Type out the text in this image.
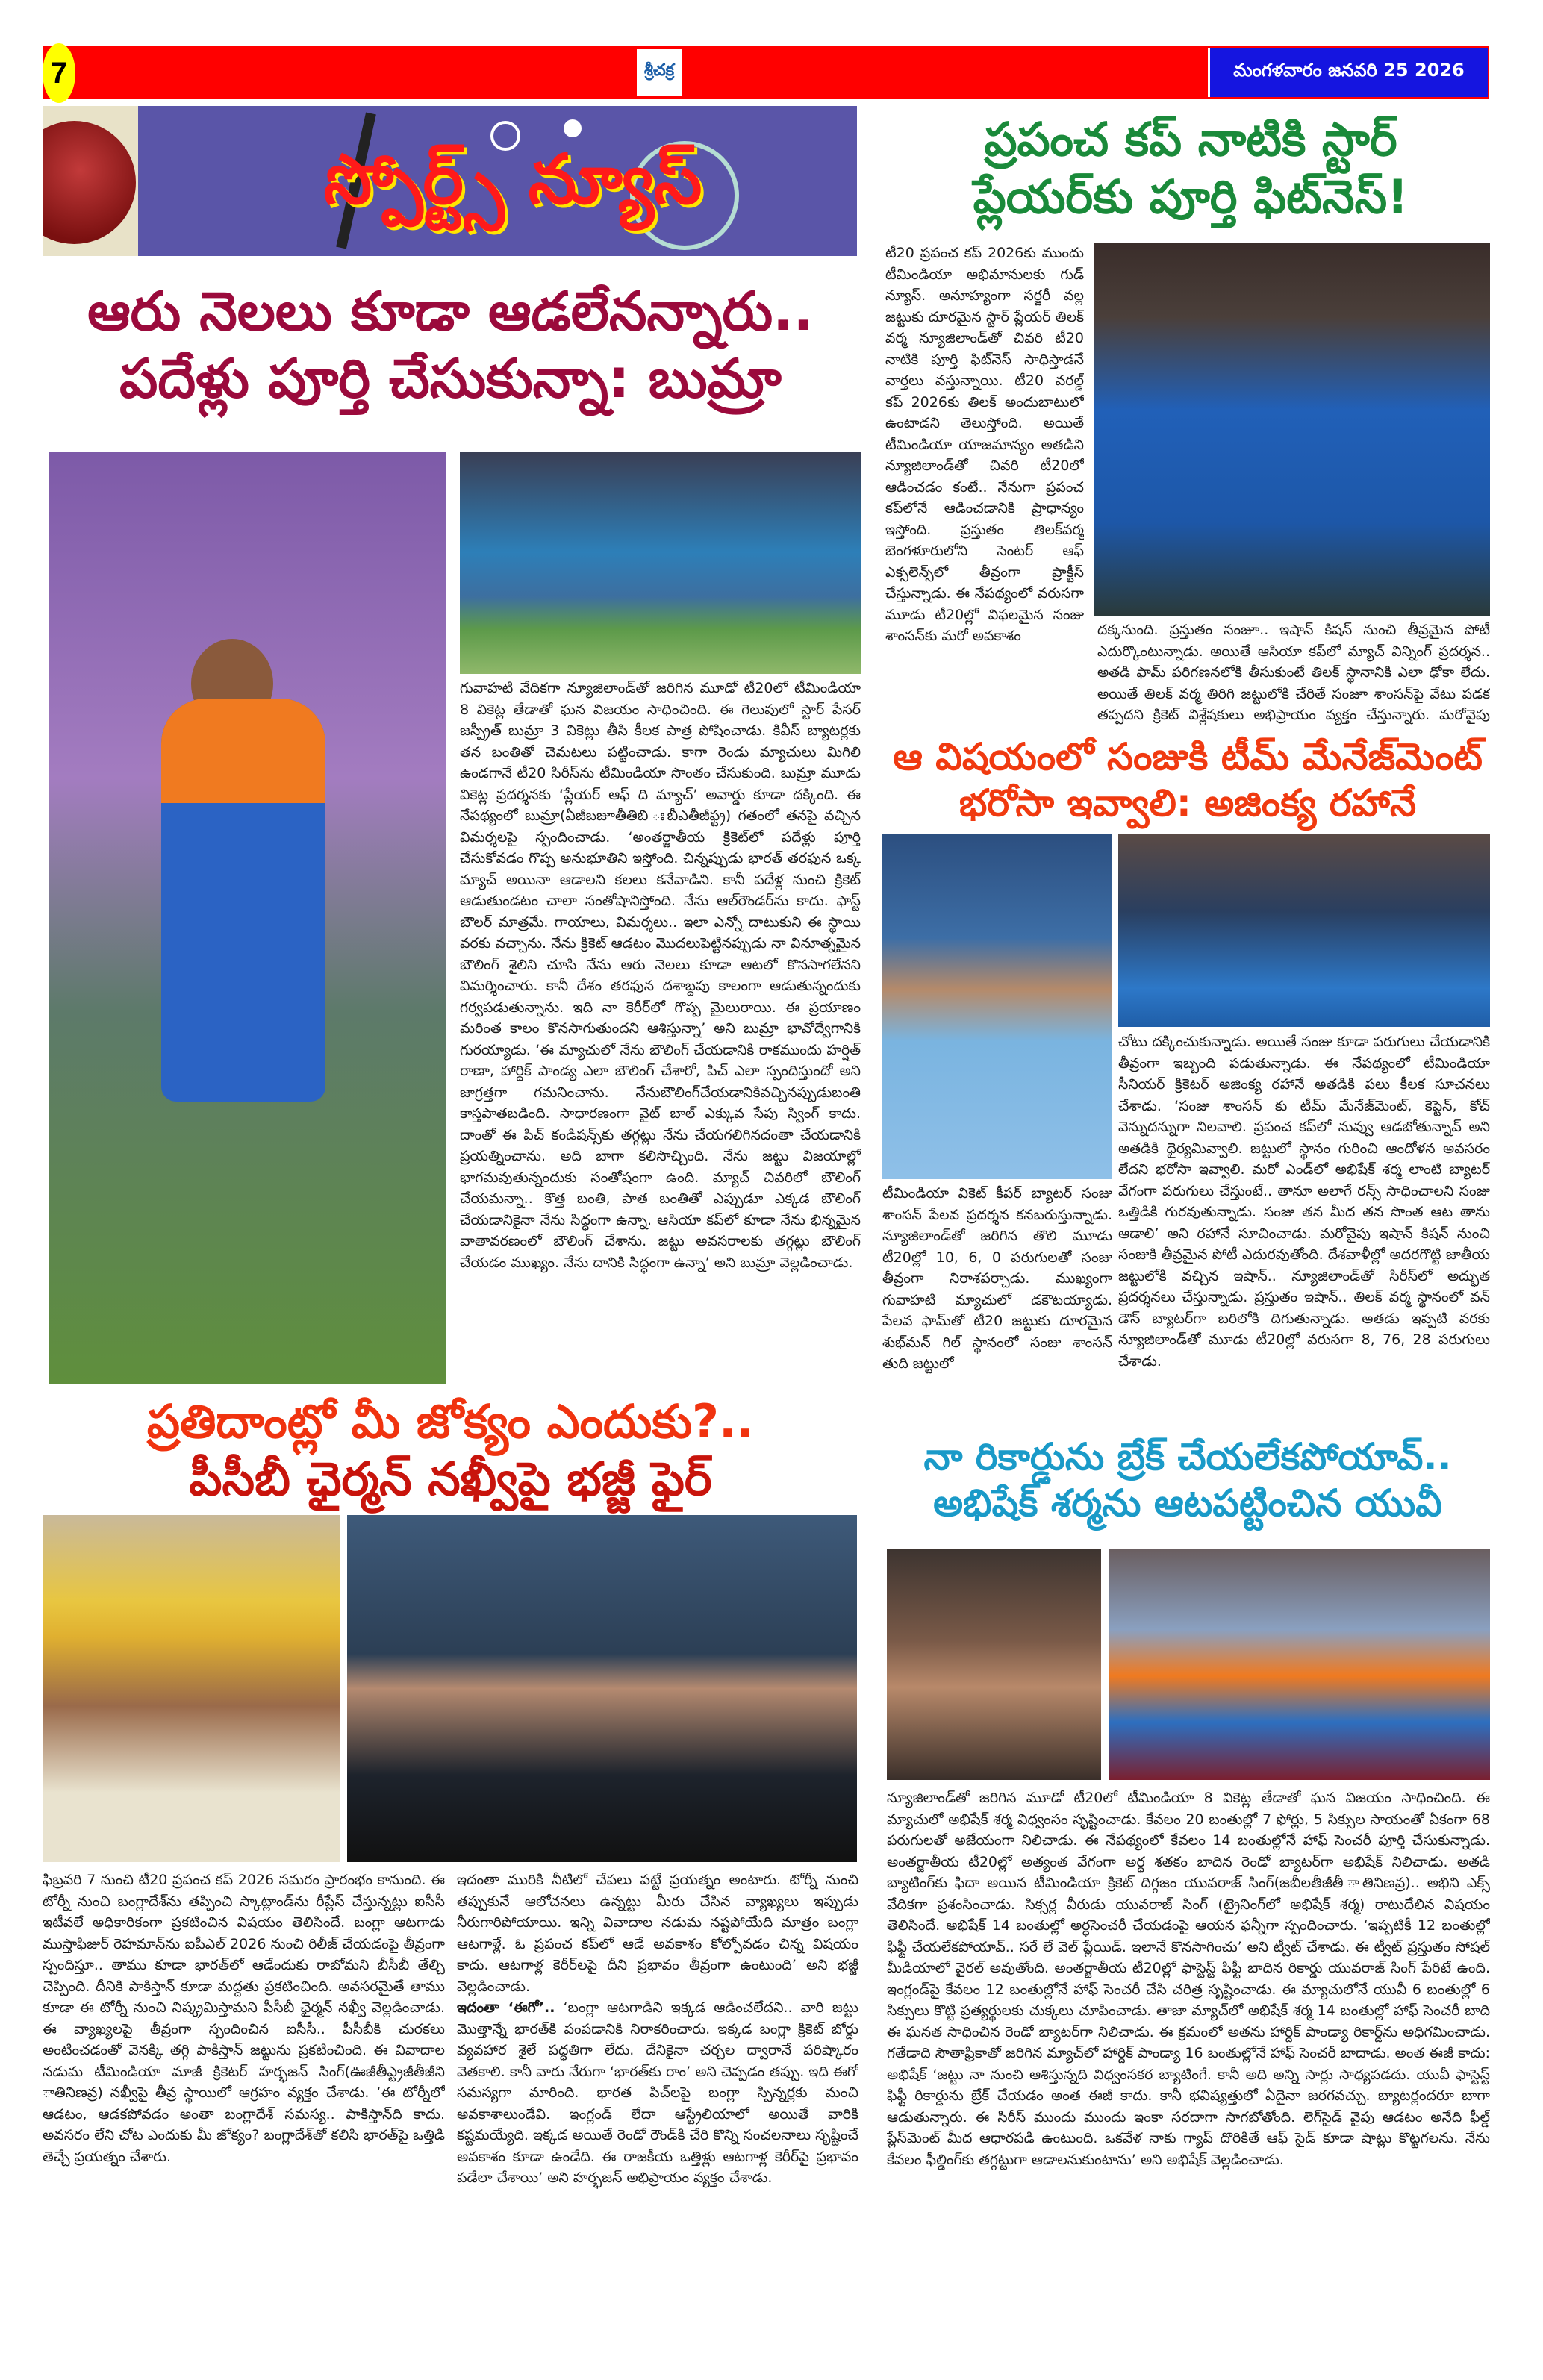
7	శ్రీచక్ర	మంగళవారం జనవరి 25 2026
స్పోర్ట్స్ న్యూస్
ఆరు నెలలు కూడా ఆడలేనన్నారు..
పదేళ్లు పూర్తి చేసుకున్నా: బుమ్రా

గువాహటి వేదికగా న్యూజిలాండ్‌తో జరిగిన మూడో టీ20లో టీమిండియా 8 వికెట్ల తేడాతో ఘన విజయం సాధించింది. ఈ గెలుపులో స్టార్ పేసర్ జస్ప్రీత్ బుమ్రా 3 వికెట్లు తీసి కీలక పాత్ర పోషించాడు. కివీస్ బ్యాటర్లకు తన బంతితో చెమటలు పట్టించాడు. కాగా రెండు మ్యాచులు మిగిలి ఉండగానే టీ20 సిరీస్‌ను టీమిండియా సొంతం చేసుకుంది. బుమ్రా మూడు వికెట్ల ప్రదర్శనకు ‘ప్లేయర్ ఆఫ్ ది మ్యాచ్’ అవార్డు కూడా దక్కింది. ఈ నేపథ్యంలో బుమ్రా(ఏజీబజూతీతిబి ఃబీఎతీజీఫ్ట్ర) గతంలో తనపై వచ్చిన విమర్శలపై స్పందించాడు. ‘అంతర్జాతీయ క్రికెట్‌లో పదేళ్లు పూర్తి చేసుకోవడం గొప్ప అనుభూతిని ఇస్తోంది. చిన్నప్పుడు భారత్ తరఫున ఒక్క మ్యాచ్ అయినా ఆడాలని కలలు కనేవాడిని. కానీ పదేళ్ల నుంచి క్రికెట్ ఆడుతుండటం చాలా సంతోషానిస్తోంది. నేను ఆల్‌రౌండర్‌ను కాదు. ఫాస్ట్ బౌలర్ మాత్రమే. గాయాలు, విమర్శలు.. ఇలా ఎన్నో దాటుకుని ఈ స్థాయి వరకు వచ్చాను. నేను క్రికెట్ ఆడటం మొదలుపెట్టినప్పుడు నా వినూత్నమైన బౌలింగ్ శైలిని చూసి నేను ఆరు నెలలు కూడా ఆటలో కొనసాగలేనని విమర్శించారు. కానీ దేశం తరఫున దశాబ్దపు కాలంగా ఆడుతున్నందుకు గర్వపడుతున్నాను. ఇది నా కెరీర్‌లో గొప్ప మైలురాయి. ఈ ప్రయాణం మరింత కాలం కొనసాగుతుందని ఆశిస్తున్నా’ అని బుమ్రా భావోద్వేగానికి గురయ్యాడు. ‘ఈ మ్యాచులో నేను బౌలింగ్ చేయడానికి రాకముందు హర్షిత్ రాణా, హార్దిక్ పాండ్య ఎలా బౌలింగ్ చేశారో, పిచ్ ఎలా స్పందిస్తుందో అని జాగ్రత్తగా గమనించాను. నేనుబౌలింగ్‌చేయడానికివచ్చినప్పుడుబంతి కాస్తపాతబడింది. సాధారణంగా వైట్ బాల్ ఎక్కువ సేపు స్వింగ్ కాదు. దాంతో ఈ పిచ్ కండిషన్స్‌కు తగ్గట్లు నేను చేయగలిగినదంతా చేయడానికి ప్రయత్నించాను. అది బాగా కలిసొచ్చింది. నేను జట్టు విజయాల్లో భాగమవుతున్నందుకు సంతోషంగా ఉంది. మ్యాచ్ చివరిలో బౌలింగ్ చేయమన్నా.. కొత్త బంతి, పాత బంతితో ఎప్పుడూ ఎక్కడ బౌలింగ్ చేయడానికైనా నేను సిద్ధంగా ఉన్నా. ఆసియా కప్‌లో కూడా నేను భిన్నమైన వాతావరణంలో బౌలింగ్ చేశాను. జట్టు అవసరాలకు తగ్గట్లు బౌలింగ్ చేయడం ముఖ్యం. నేను దానికి సిద్ధంగా ఉన్నా’ అని బుమ్రా వెల్లడించాడు.

ప్రతిదాంట్లో మీ జోక్యం ఎందుకు?..
పీసీబీ ఛైర్మన్ నఖ్వీపై భజ్జీ ఫైర్

ఫిబ్రవరి 7 నుంచి టీ20 ప్రపంచ కప్ 2026 సమరం ప్రారంభం కానుంది. ఈ టోర్నీ నుంచి బంగ్లాదేశ్‌ను తప్పించి స్కాట్లాండ్‌ను రీప్లేస్ చేస్తున్నట్లు ఐసీసీ ఇటీవలే అధికారికంగా ప్రకటించిన విషయం తెలిసిందే. బంగ్లా ఆటగాడు ముస్తాఫిజుర్ రెహమాన్‌ను ఐపీఎల్ 2026 నుంచి రిలీజ్ చేయడంపై తీవ్రంగా స్పందిస్తూ.. తాము కూడా భారత్‌లో ఆడేందుకు రాబోమని బీసీబీ తేల్చి చెప్పింది. దీనికి పాకిస్తాన్ కూడా మద్దతు ప్రకటించింది. అవసరమైతే తాము కూడా ఈ టోర్నీ నుంచి నిష్క్రమిస్తామని పీసీబీ ఛైర్మన్ నఖ్వీ వెల్లడించాడు. ఈ వ్యాఖ్యలపై తీవ్రంగా స్పందించిన ఐసీసీ.. పీసీబీకి చురకలు అంటించడంతో వెనక్కి తగ్గి పాకిస్తాన్ జట్టును ప్రకటించింది. ఈ వివాదాల నడుమ టీమిండియా మాజీ క్రికెటర్ హర్భజన్ సింగ్(ఊజీతీఎ్ట్రజీతీజీని ాతినిణవ్ర) నఖ్వీపై తీవ్ర స్థాయిలో ఆగ్రహం వ్యక్తం చేశాడు. ‘ఈ టోర్నీలో ఆడటం, ఆడకపోవడం అంతా బంగ్లాదేశ్ సమస్య.. పాకిస్తాన్‌ది కాదు. అవసరం లేని చోట ఎందుకు మీ జోక్యం? బంగ్లాదేశ్‌తో కలిసి భారత్‌పై ఒత్తిడి తెచ్చే ప్రయత్నం చేశారు.

ఇదంతా మురికి నీటిలో చేపలు పట్టే ప్రయత్నం అంటారు. టోర్నీ నుంచి తప్పుకునే ఆలోచనలు ఉన్నట్టు మీరు చేసిన వ్యాఖ్యలు ఇప్పుడు నీరుగారిపోయాయి. ఇన్ని వివాదాల నడుమ నష్టపోయేది మాత్రం బంగ్లా ఆటగాళ్లే. ఓ ప్రపంచ కప్‌లో ఆడే అవకాశం కోల్పోవడం చిన్న విషయం కాదు. ఆటగాళ్ల కెరీర్‌లపై దీని ప్రభావం తీవ్రంగా ఉంటుంది’ అని భజ్జీ వెల్లడించాడు.

ఇదంతా ‘ఈగో’.. ‘బంగ్లా ఆటగాడిని ఇక్కడ ఆడించలేదని.. వారి జట్టు మొత్తాన్నే భారత్‌కి పంపడానికి నిరాకరించారు. ఇక్కడ బంగ్లా క్రికెట్ బోర్డు వ్యవహార శైలే పద్ధతిగా లేదు. దేనికైనా చర్చల ద్వారానే పరిష్కారం వెతకాలి. కానీ వారు నేరుగా ‘భారత్‌కు రాం’ అని చెప్పడం తప్పు. ఇది ఈగో సమస్యగా మారింది. భారత పిచ్‌లపై బంగ్లా స్పిన్నర్లకు మంచి అవకాశాలుండేవి. ఇంగ్లండ్ లేదా ఆస్ట్రేలియాలో అయితే వారికి కష్టమయ్యేది. ఇక్కడ అయితే రెండో రౌండ్‌కి చేరి కొన్ని సంచలనాలు సృష్టించే అవకాశం కూడా ఉండేది. ఈ రాజకీయ ఒత్తిళ్లు ఆటగాళ్ల కెరీర్‌పై ప్రభావం పడేలా చేశాయి’ అని హర్భజన్ అభిప్రాయం వ్యక్తం చేశాడు.

ప్రపంచ కప్ నాటికి స్టార్
ప్లేయర్‌కు పూర్తి ఫిట్‌నెస్!

టీ20 ప్రపంచ కప్ 2026కు ముందు టీమిండియా అభిమానులకు గుడ్ న్యూస్. అనూహ్యంగా సర్జరీ వల్ల జట్టుకు దూరమైన స్టార్ ప్లేయర్ తిలక్ వర్మ న్యూజిలాండ్‌తో చివరి టీ20 నాటికి పూర్తి ఫిట్‌నెస్ సాధిస్తాడనే వార్తలు వస్తున్నాయి. టీ20 వరల్డ్ కప్ 2026కు తిలక్ అందుబాటులో ఉంటాడని తెలుస్తోంది. అయితే టీమిండియా యాజమాన్యం అతడిని న్యూజిలాండ్‌తో చివరి టీ20లో ఆడించడం కంటే.. నేనుగా ప్రపంచ కప్‌లోనే ఆడించడానికి ప్రాధాన్యం ఇస్తోంది. ప్రస్తుతం తిలక్‌వర్మ బెంగళూరులోని సెంటర్ ఆఫ్ ఎక్సలెన్స్‌లో తీవ్రంగా ప్రాక్టీస్ చేస్తున్నాడు. ఈ నేపథ్యంలో వరుసగా మూడు టీ20ల్లో విఫలమైన సంజు శాంసన్‌కు మరో అవకాశం	దక్కనుంది. ప్రస్తుతం సంజూ.. ఇషాన్ కిషన్ నుంచి తీవ్రమైన పోటీ ఎదుర్కొంటున్నాడు. అయితే ఆసియా కప్‌లో మ్యాచ్ విన్నింగ్ ప్రదర్శన.. అతడి ఫామ్ పరిగణనలోకి తీసుకుంటే తిలక్ స్థానానికి ఎలా ఢోకా లేదు. అయితే తిలక్ వర్మ తిరిగి జట్టులోకి చేరితే సంజూ శాంసన్‌పై వేటు పడక తప్పదని క్రికెట్ విశ్లేషకులు అభిప్రాయం వ్యక్తం చేస్తున్నారు. మరోవైపు

ఆ విషయంలో సంజుకి టీమ్ మేనేజ్‌మెంట్
భరోసా ఇవ్వాలి: అజింక్య రహానే

టీమిండియా వికెట్ కీపర్ బ్యాటర్ సంజు శాంసన్ పేలవ ప్రదర్శన కనబరుస్తున్నాడు. న్యూజిలాండ్‌తో జరిగిన తొలి మూడు టీ20ల్లో 10, 6, 0 పరుగులతో సంజు తీవ్రంగా నిరాశపర్చాడు. ముఖ్యంగా గువాహటి మ్యాచులో డకౌటయ్యాడు. పేలవ ఫామ్‌తో టీ20 జట్టుకు దూరమైన శుభ్‌మన్ గిల్ స్థానంలో సంజు శాంసన్ తుది జట్టులో

చోటు దక్కించుకున్నాడు. అయితే సంజు కూడా పరుగులు చేయడానికి తీవ్రంగా ఇబ్బంది పడుతున్నాడు. ఈ నేపథ్యంలో టీమిండియా సీనియర్ క్రికెటర్ అజింక్య రహానే అతడికి పలు కీలక సూచనలు చేశాడు. ‘సంజు శాంసన్ కు టీమ్ మేనేజ్‌మెంట్, కెప్టెన్, కోచ్ వెన్నుదన్నుగా నిలవాలి. ప్రపంచ కప్‌లో నువ్వు ఆడబోతున్నావ్ అని అతడికి ధైర్యమివ్వాలి. జట్టులో స్థానం గురించి ఆందోళన అవసరం లేదని భరోసా ఇవ్వాలి. మరో ఎండ్‌లో అభిషేక్ శర్మ లాంటి బ్యాటర్ వేగంగా పరుగులు చేస్తుంటే.. తానూ అలాగే రన్స్ సాధించాలని సంజు ఒత్తిడికి గురవుతున్నాడు. సంజు తన మీద తన సొంత ఆట తాను ఆడాలి’ అని రహానే సూచించాడు. మరోవైపు ఇషాన్ కిషన్ నుంచి సంజుకి తీవ్రమైన పోటీ ఎదురవుతోంది. దేశవాళీల్లో అదరగొట్టి జాతీయ జట్టులోకి వచ్చిన ఇషాన్.. న్యూజిలాండ్‌తో సిరీస్‌లో అద్భుత ప్రదర్శనలు చేస్తున్నాడు. ప్రస్తుతం ఇషాన్.. తిలక్ వర్మ స్థానంలో వన్ డౌన్ బ్యాటర్‌గా బరిలోకి దిగుతున్నాడు. అతడు ఇప్పటి వరకు న్యూజిలాండ్‌తో మూడు టీ20ల్లో వరుసగా 8, 76, 28 పరుగులు చేశాడు.

నా రికార్డును బ్రేక్ చేయలేకపోయావ్..
అభిషేక్ శర్మను ఆటపట్టించిన యువీ

న్యూజిలాండ్‌తో జరిగిన మూడో టీ20లో టీమిండియా 8 వికెట్ల తేడాతో ఘన విజయం సాధించింది. ఈ మ్యాచులో అభిషేక్ శర్మ విధ్వంసం సృష్టించాడు. కేవలం 20 బంతుల్లో 7 ఫోర్లు, 5 సిక్సుల సాయంతో ఏకంగా 68 పరుగులతో అజేయంగా నిలిచాడు. ఈ నేపథ్యంలో కేవలం 14 బంతుల్లోనే హాఫ్ సెంచరీ పూర్తి చేసుకున్నాడు. అంతర్జాతీయ టీ20ల్లో అత్యంత వేగంగా అర్ధ శతకం బాదిన రెండో బ్యాటర్‌గా అభిషేక్ నిలిచాడు. అతడి బ్యాటింగ్‌కు ఫిదా అయిన టీమిండియా క్రికెట్ దిగ్గజం యువరాజ్ సింగ్(జబీలతీజీతీ ాతినిణవ్ర).. అభిని ఎక్స్ వేదికగా ప్రశంసించాడు. సిక్సర్ల వీరుడు యువరాజ్ సింగ్ (ట్రైనింగ్‌లో అభిషేక్ శర్మ) రాటుదేలిన విషయం తెలిసిందే. అభిషేక్ 14 బంతుల్లో అర్ధసెంచరీ చేయడంపై ఆయన ఫన్నీగా స్పందించారు. ‘ఇప్పటికీ 12 బంతుల్లో ఫిఫ్టీ చేయలేకపోయావ్.. సరే లే వెల్ ప్లేయిడ్. ఇలానే కొనసాగించు’ అని ట్వీట్ చేశాడు. ఈ ట్వీట్ ప్రస్తుతం సోషల్ మీడియాలో వైరల్ అవుతోంది. అంతర్జాతీయ టీ20ల్లో ఫాస్టెస్ట్ ఫిఫ్టీ బాదిన రికార్డు యువరాజ్ సింగ్ పేరిటే ఉంది. ఇంగ్లండ్‌పై కేవలం 12 బంతుల్లోనే హాఫ్ సెంచరీ చేసి చరిత్ర సృష్టించాడు. ఈ మ్యాచులోనే యువీ 6 బంతుల్లో 6 సిక్సులు కొట్టి ప్రత్యర్థులకు చుక్కలు చూపించాడు. తాజా మ్యాచ్‌లో అభిషేక్ శర్మ 14 బంతుల్లో హాఫ్ సెంచరీ బాది ఈ ఘనత సాధించిన రెండో బ్యాటర్‌గా నిలిచాడు. ఈ క్రమంలో అతను హార్దిక్ పాండ్యా రికార్డ్‌ను అధిగమించాడు. గతేడాది సౌతాఫ్రికాతో జరిగిన మ్యాచ్‌లో హార్దిక్ పాండ్యా 16 బంతుల్లోనే హాఫ్ సెంచరీ బాదాడు. అంత ఈజీ కాదు: అభిషేక్ ‘జట్టు నా నుంచి ఆశిస్తున్నది విధ్వంసకర బ్యాటింగే. కానీ అది అన్ని సార్లు సాధ్యపడదు. యువీ ఫాస్టెస్ట్ ఫిఫ్టీ రికార్డును బ్రేక్ చేయడం అంత ఈజీ కాదు. కానీ భవిష్యత్తులో ఏదైనా జరగవచ్చు. బ్యాటర్లందరూ బాగా ఆడుతున్నారు. ఈ సిరీస్ ముందు ముందు ఇంకా సరదాగా సాగబోతోంది. లెగ్‌సైడ్ వైపు ఆడటం అనేది ఫీల్డ్ ప్లేస్‌మెంట్ మీద ఆధారపడి ఉంటుంది. ఒకవేళ నాకు గ్యాప్ దొరికితే ఆఫ్ సైడ్ కూడా షాట్లు కొట్టగలను. నేను కేవలం ఫీల్డింగ్‌కు తగ్గట్టుగా ఆడాలనుకుంటాను’ అని అభిషేక్ వెల్లడించాడు.
